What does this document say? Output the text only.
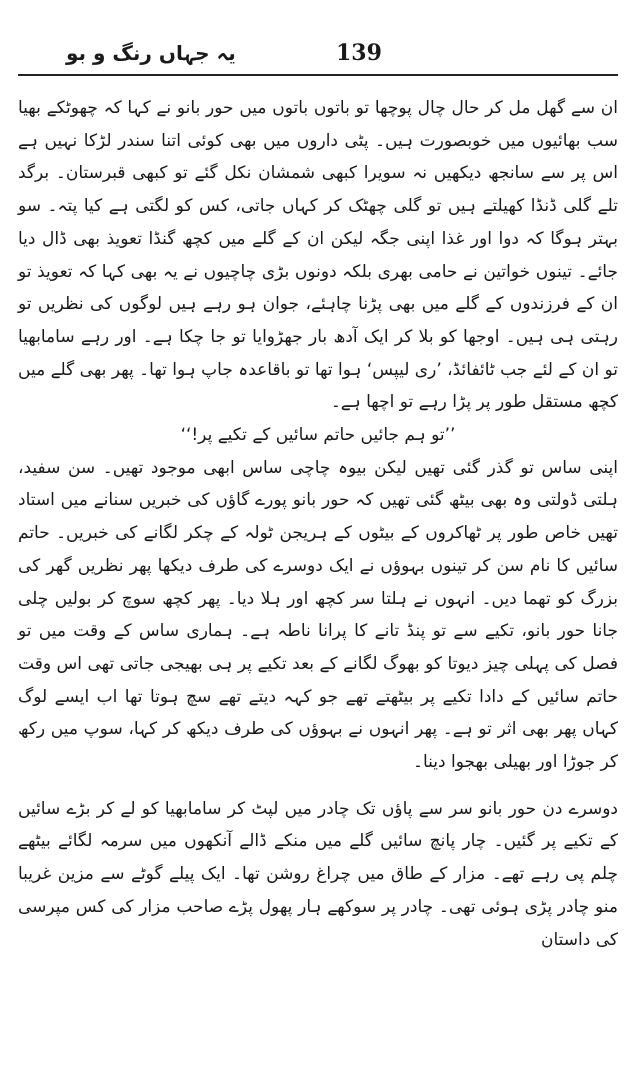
یہ جہاں رنگ و بو	139

ان سے گھل مل کر حال چال پوچھا تو باتوں باتوں میں حور بانو نے کہا کہ چھوٹکے بھیا سب بھائیوں میں خوبصورت ہیں۔ پٹی داروں میں بھی کوئی اتنا سندر لڑکا نہیں ہے اس پر سے سانجھ دیکھیں نہ سویرا کبھی شمشان نکل گئے تو کبھی قبرستان۔ برگد تلے گلی ڈنڈا کھیلتے ہیں تو گلی چھٹک کر کہاں جاتی، کس کو لگتی ہے کیا پتہ۔ سو بہتر ہوگا کہ دوا اور غذا اپنی جگہ لیکن ان کے گلے میں کچھ گنڈا تعویذ بھی ڈال دیا جائے۔ تینوں خواتین نے حامی بھری بلکہ دونوں بڑی چاچیوں نے یہ بھی کہا کہ تعویذ تو ان کے فرزندوں کے گلے میں بھی پڑنا چاہئے، جوان ہو رہے ہیں لوگوں کی نظریں تو رہتی ہی ہیں۔ اوجھا کو بلا کر ایک آدھ بار جھڑوایا تو جا چکا ہے۔ اور رہے سامابھیا تو ان کے لئے جب ٹائفائڈ، ’ری لیپس‘ ہوا تھا تو باقاعدہ جاپ ہوا تھا۔ پھر بھی گلے میں کچھ مستقل طور پر پڑا رہے تو اچھا ہے۔

’’تو ہم جائیں حاتم سائیں کے تکیے پر!‘‘

اپنی ساس تو گذر گئی تھیں لیکن بیوہ چاچی ساس ابھی موجود تھیں۔ سن سفید، ہلتی ڈولتی وہ بھی بیٹھ گئی تھیں کہ حور بانو پورے گاؤں کی خبریں سنانے میں استاد تھیں خاص طور پر ٹھاکروں کے بیٹوں کے ہریجن ٹولہ کے چکر لگانے کی خبریں۔ حاتم سائیں کا نام سن کر تینوں بہوؤں نے ایک دوسرے کی طرف دیکھا پھر نظریں گھر کی بزرگ کو تھما دیں۔ انہوں نے ہلتا سر کچھ اور ہلا دیا۔ پھر کچھ سوچ کر بولیں چلی جانا حور بانو، تکیے سے تو پنڈ تانے کا پرانا ناطہ ہے۔ ہماری ساس کے وقت میں تو فصل کی پہلی چیز دیوتا کو بھوگ لگانے کے بعد تکیے پر ہی بھیجی جاتی تھی اس وقت حاتم سائیں کے دادا تکیے پر بیٹھتے تھے جو کہہ دیتے تھے سچ ہوتا تھا اب ایسے لوگ کہاں پھر بھی اثر تو ہے۔ پھر انہوں نے بہوؤں کی طرف دیکھ کر کہا، سوپ میں رکھ کر جوڑا اور بھیلی بھجوا دینا۔

دوسرے دن حور بانو سر سے پاؤں تک چادر میں لپٹ کر سامابھیا کو لے کر بڑے سائیں کے تکیے پر گئیں۔ چار پانچ سائیں گلے میں منکے ڈالے آنکھوں میں سرمہ لگائے بیٹھے چلم پی رہے تھے۔ مزار کے طاق میں چراغ روشن تھا۔ ایک پیلے گوٹے سے مزین غریبا منو چادر پڑی ہوئی تھی۔ چادر پر سوکھے ہار پھول پڑے صاحب مزار کی کس مپرسی کی داستان
